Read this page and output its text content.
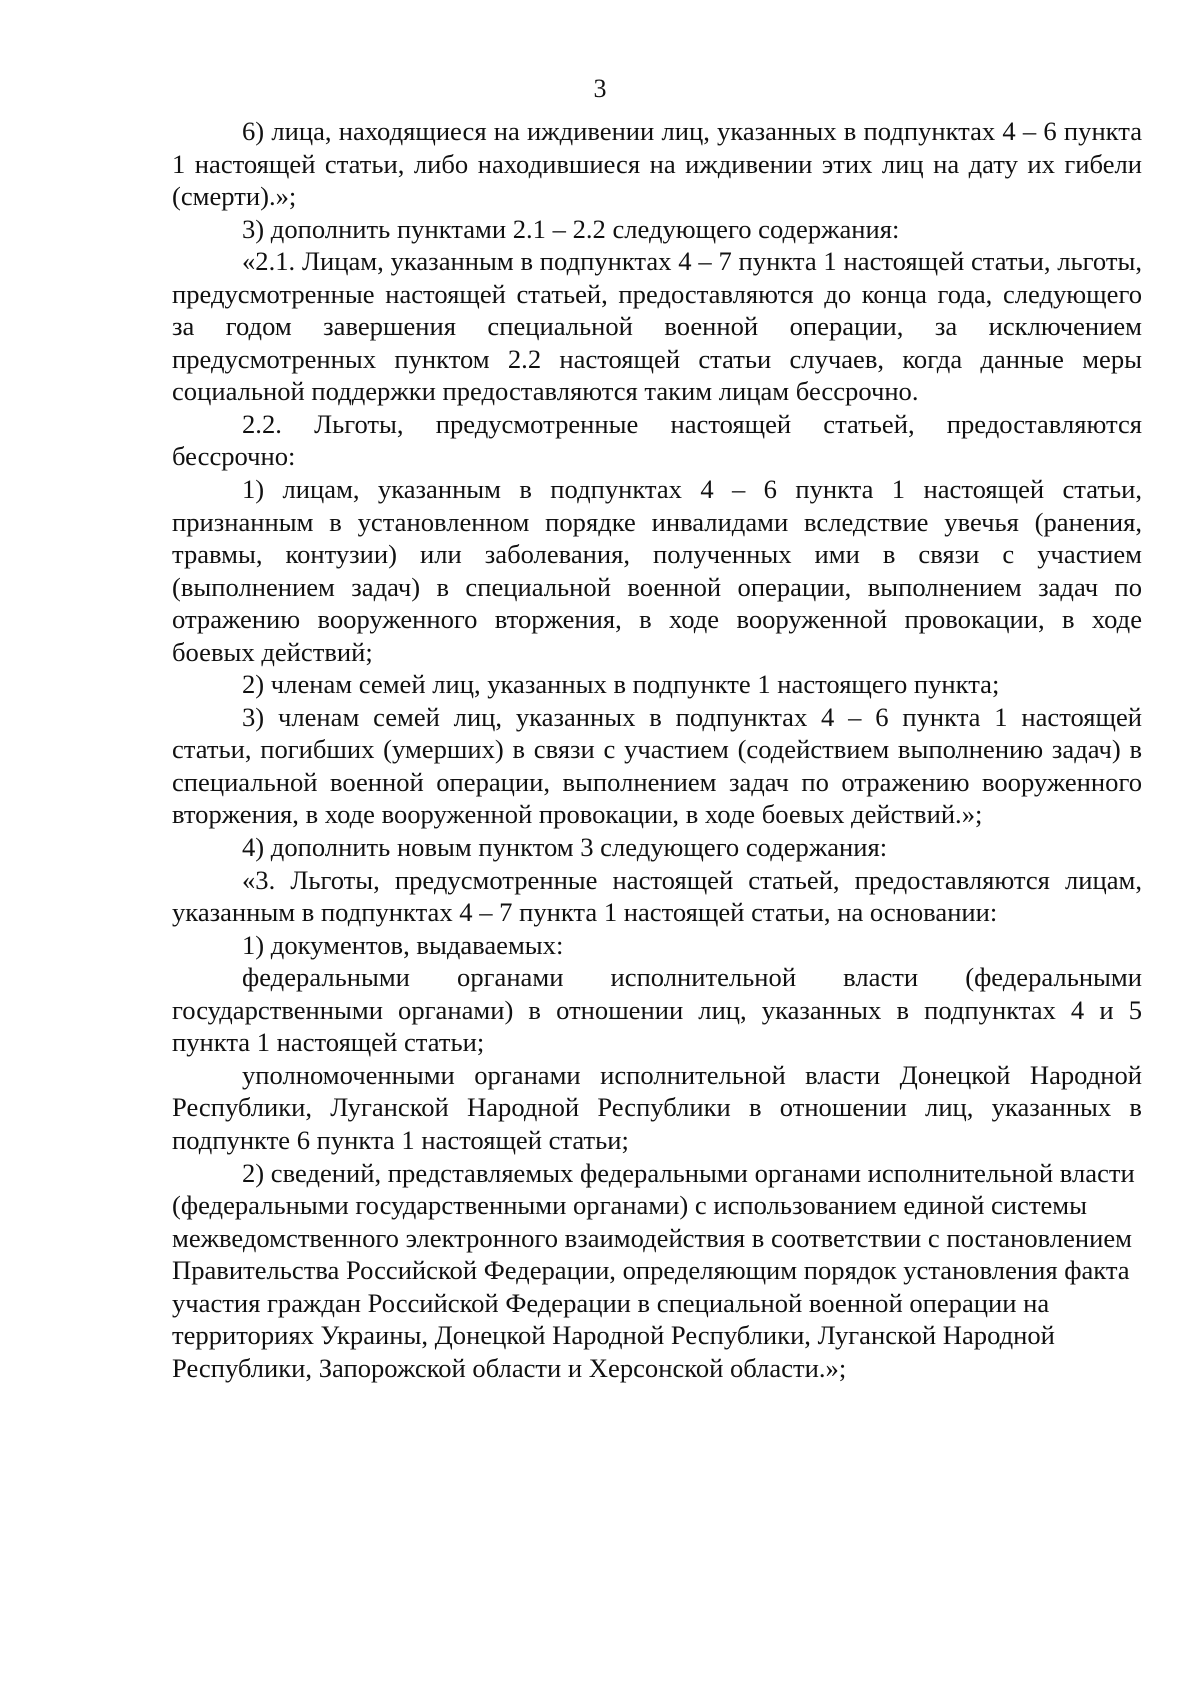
3

6) лица, находящиеся на иждивении лиц, указанных в подпунктах 4 – 6 пункта 1 настоящей статьи, либо находившиеся на иждивении этих лиц на дату их гибели (смерти).»;

3) дополнить пунктами 2.1 – 2.2 следующего содержания:

«2.1. Лицам, указанным в подпунктах 4 – 7 пункта 1 настоящей статьи, льготы, предусмотренные настоящей статьей, предоставляются до конца года, следующего за годом завершения специальной военной операции, за исключением предусмотренных пунктом 2.2 настоящей статьи случаев, когда данные меры социальной поддержки предоставляются таким лицам бессрочно.

2.2. Льготы, предусмотренные настоящей статьей, предоставляются бессрочно:

1) лицам, указанным в подпунктах 4 – 6 пункта 1 настоящей статьи, признанным в установленном порядке инвалидами вследствие увечья (ранения, травмы, контузии) или заболевания, полученных ими в связи с участием (выполнением задач) в специальной военной операции, выполнением задач по отражению вооруженного вторжения, в ходе вооруженной провокации, в ходе боевых действий;

2) членам семей лиц, указанных в подпункте 1 настоящего пункта;

3) членам семей лиц, указанных в подпунктах 4 – 6 пункта 1 настоящей статьи, погибших (умерших) в связи с участием (содействием выполнению задач) в специальной военной операции, выполнением задач по отражению вооруженного вторжения, в ходе вооруженной провокации, в ходе боевых действий.»;

4) дополнить новым пунктом 3 следующего содержания:

«3. Льготы, предусмотренные настоящей статьей, предоставляются лицам, указанным в подпунктах 4 – 7 пункта 1 настоящей статьи, на основании:

1) документов, выдаваемых:

федеральными органами исполнительной власти (федеральными государственными органами) в отношении лиц, указанных в подпунктах 4 и 5 пункта 1 настоящей статьи;

уполномоченными органами исполнительной власти Донецкой Народной Республики, Луганской Народной Республики в отношении лиц, указанных в подпункте 6 пункта 1 настоящей статьи;

2) сведений, представляемых федеральными органами исполнительной власти (федеральными государственными органами) с использованием единой системы межведомственного электронного взаимодействия в соответствии с постановлением Правительства Российской Федерации, определяющим порядок установления факта участия граждан Российской Федерации в специальной военной операции на территориях Украины, Донецкой Народной Республики, Луганской Народной Республики, Запорожской области и Херсонской области.»;
